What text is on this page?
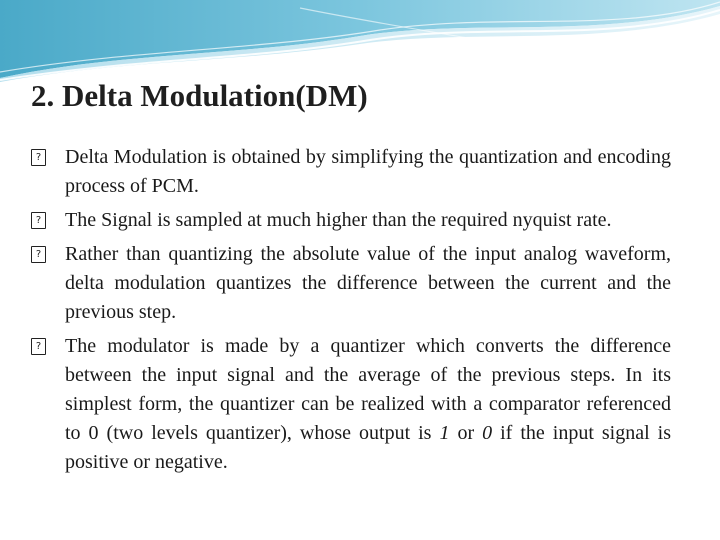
2. Delta Modulation(DM)
?
Delta Modulation is obtained by simplifying the quantization and encoding process of PCM.
?
The Signal is sampled at much higher than the required nyquist rate.
?
Rather than quantizing the absolute value of the input analog waveform, delta modulation quantizes the difference between the current and the previous step.
?
The modulator is made by a quantizer which converts the difference between the input signal and the average of the previous steps. In its simplest form, the quantizer can be realized with a comparator referenced to 0 (two levels quantizer), whose output is 1 or 0 if the input signal is positive or negative.
